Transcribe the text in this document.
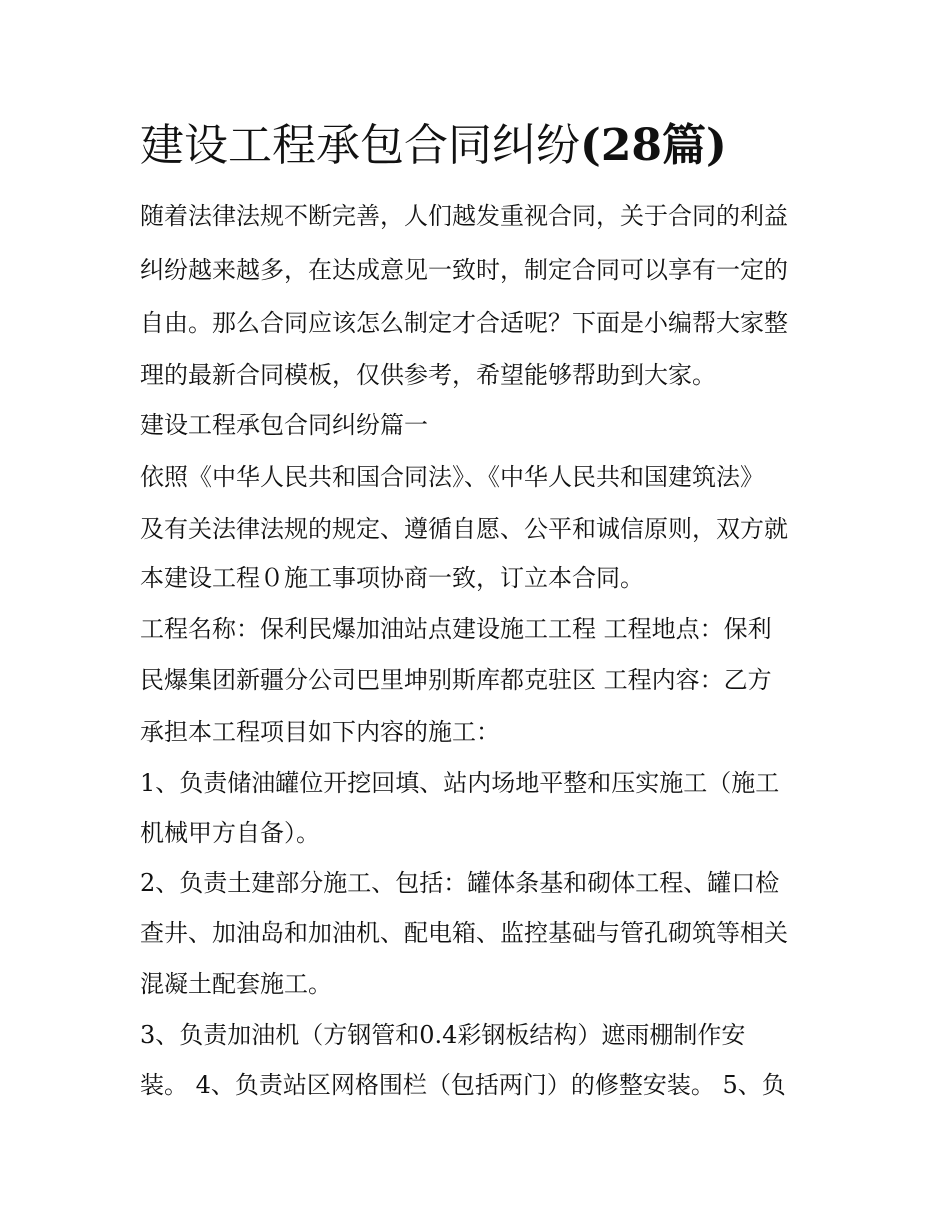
建设工程承包合同纠纷(28篇)

随着法律法规不断完善，人们越发重视合同，关于合同的利益

纠纷越来越多，在达成意见一致时，制定合同可以享有一定的

自由。那么合同应该怎么制定才合适呢？下面是小编帮大家整

理的最新合同模板，仅供参考，希望能够帮助到大家。

建设工程承包合同纠纷篇一

依照《中华人民共和国合同法》、《中华人民共和国建筑法》

及有关法律法规的规定、遵循自愿、公平和诚信原则，双方就

本建设工程０施工事项协商一致，订立本合同。

工程名称：保利民爆加油站点建设施工工程 工程地点：保利

民爆集团新疆分公司巴里坤别斯库都克驻区 工程内容：乙方

承担本工程项目如下内容的施工：

1、负责储油罐位开挖回填、站内场地平整和压实施工（施工

机械甲方自备）。

2、负责土建部分施工、包括：罐体条基和砌体工程、罐口检

查井、加油岛和加油机、配电箱、监控基础与管孔砌筑等相关

混凝土配套施工。

3、负责加油机（方钢管和0.4彩钢板结构）遮雨棚制作安

装。 4、负责站区网格围栏（包括两门）的修整安装。 5、负
